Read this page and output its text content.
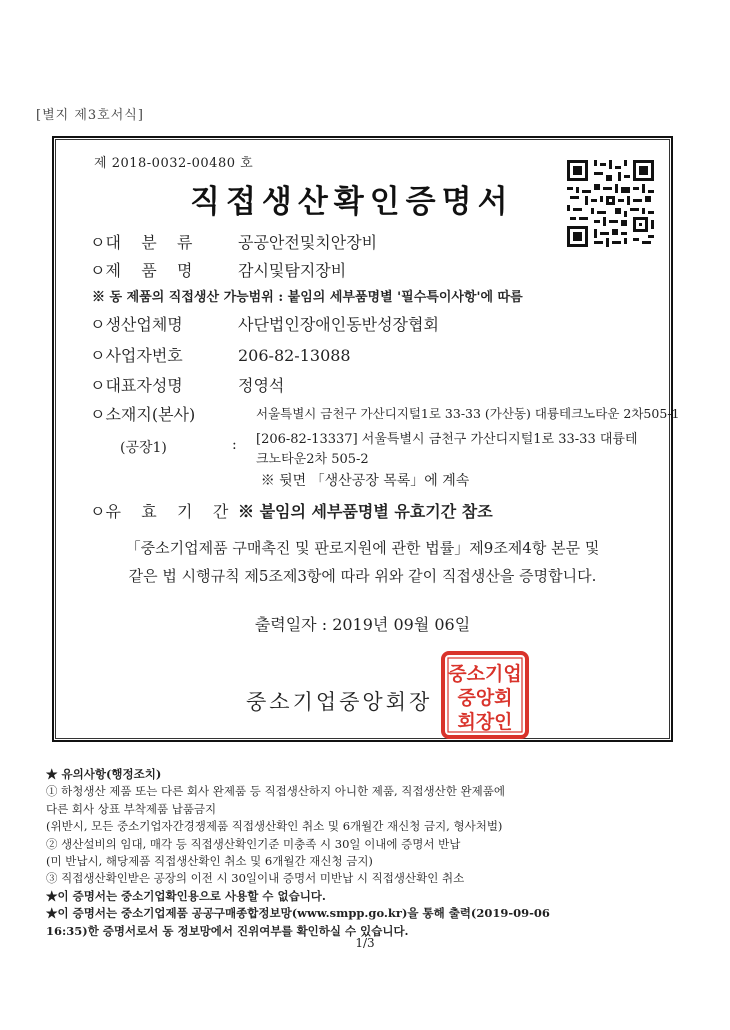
[별지 제3호서식]
제 2018-0032-00480 호
직접생산확인증명서
ㅇ대    분    류	공공안전및치안장비
ㅇ제    품    명	감시및탐지장비
※ 동 제품의 직접생산 가능범위 : 붙임의 세부품명별 '필수특이사항'에 따름
ㅇ생산업체명	사단법인장애인동반성장협회
ㅇ사업자번호	206-82-13088
ㅇ대표자성명	정영석
ㅇ소재지(본사)	서울특별시 금천구 가산디지털1로 33-33 (가산동) 대륭테크노타운 2차505-1
(공장1)	: [206-82-13337] 서울특별시 금천구 가산디지털1로 33-33 대륭테
크노타운2차 505-2
※ 뒷면 「생산공장 목록」에 계속
ㅇ유    효    기    간 ※ 붙임의 세부품명별 유효기간 참조
「중소기업제품 구매촉진 및 판로지원에 관한 법률」제9조제4항 본문 및
같은 법 시행규칙 제5조제3항에 따라 위와 같이 직접생산을 증명합니다.
출력일자 : 2019년 09월 06일
중소기업중앙회장
중소기업
중앙회
회장인
★ 유의사항(행정조치)
① 하청생산 제품 또는 다른 회사 완제품 등 직접생산하지 아니한 제품, 직접생산한 완제품에
다른 회사 상표 부착제품 납품금지
(위반시, 모든 중소기업자간경쟁제품 직접생산확인 취소 및 6개월간 재신청 금지, 형사처벌)
② 생산설비의 임대, 매각 등 직접생산확인기준 미충족 시 30일 이내에 증명서 반납
(미 반납시, 해당제품 직접생산확인 취소 및 6개월간 재신청 금지)
③ 직접생산확인받은 공장의 이전 시 30일이내 증명서 미반납 시 직접생산확인 취소
★이 증명서는 중소기업확인용으로 사용할 수 없습니다.
★이 증명서는 중소기업제품 공공구매종합정보망(www.smpp.go.kr)을 통해 출력(2019-09-06
16:35)한 증명서로서 동 정보망에서 진위여부를 확인하실 수 있습니다.
1/3
